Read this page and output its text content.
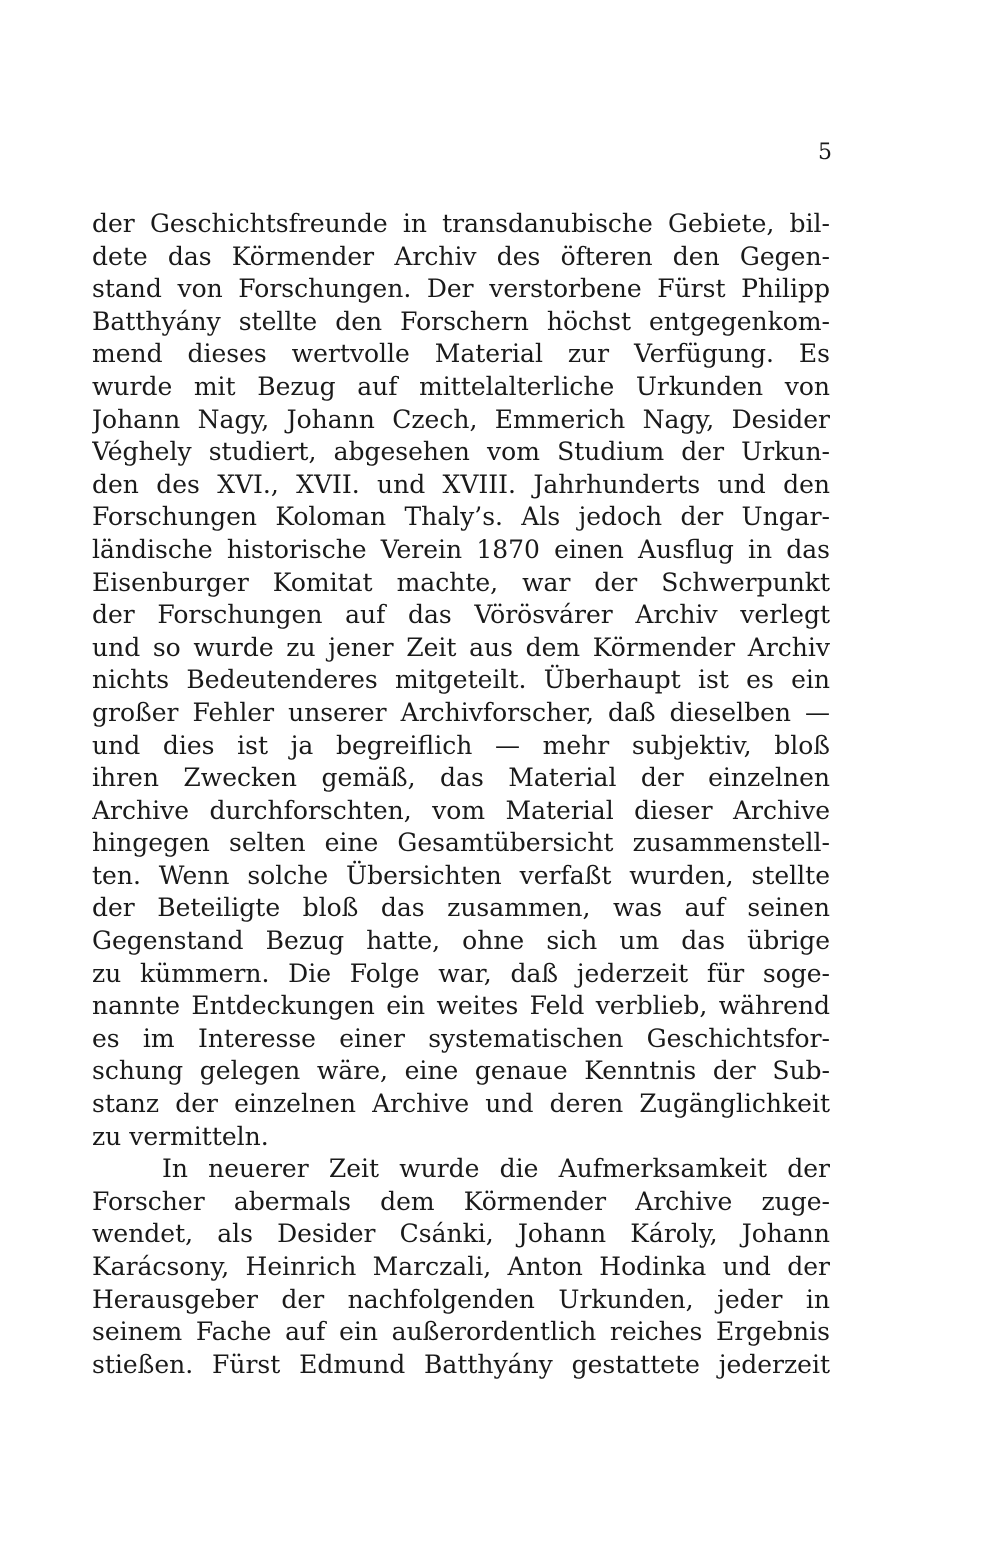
5
der Geschichtsfreunde in transdanubische Gebiete, bil-
dete das Körmender Archiv des öfteren den Gegen-
stand von Forschungen. Der verstorbene Fürst Philipp
Batthyány stellte den Forschern höchst entgegenkom-
mend dieses wertvolle Material zur Verfügung. Es
wurde mit Bezug auf mittelalterliche Urkunden von
Johann Nagy, Johann Czech, Emmerich Nagy, Desider
Véghely studiert, abgesehen vom Studium der Urkun-
den des XVI., XVII. und XVIII. Jahrhunderts und den
Forschungen Koloman Thaly’s. Als jedoch der Ungar-
ländische historische Verein 1870 einen Ausflug in das
Eisenburger Komitat machte, war der Schwerpunkt
der Forschungen auf das Vörösvárer Archiv verlegt
und so wurde zu jener Zeit aus dem Körmender Archiv
nichts Bedeutenderes mitgeteilt. Überhaupt ist es ein
großer Fehler unserer Archivforscher, daß dieselben —
und dies ist ja begreiflich — mehr subjektiv, bloß
ihren Zwecken gemäß, das Material der einzelnen
Archive durchforschten, vom Material dieser Archive
hingegen selten eine Gesamtübersicht zusammenstell-
ten. Wenn solche Übersichten verfaßt wurden, stellte
der Beteiligte bloß das zusammen, was auf seinen
Gegenstand Bezug hatte, ohne sich um das übrige
zu kümmern. Die Folge war, daß jederzeit für soge-
nannte Entdeckungen ein weites Feld verblieb, während
es im Interesse einer systematischen Geschichtsfor-
schung gelegen wäre, eine genaue Kenntnis der Sub-
stanz der einzelnen Archive und deren Zugänglichkeit
zu vermitteln.
In neuerer Zeit wurde die Aufmerksamkeit der
Forscher abermals dem Körmender Archive zuge-
wendet, als Desider Csánki, Johann Károly, Johann
Karácsony, Heinrich Marczali, Anton Hodinka und der
Herausgeber der nachfolgenden Urkunden, jeder in
seinem Fache auf ein außerordentlich reiches Ergebnis
stießen. Fürst Edmund Batthyány gestattete jederzeit
